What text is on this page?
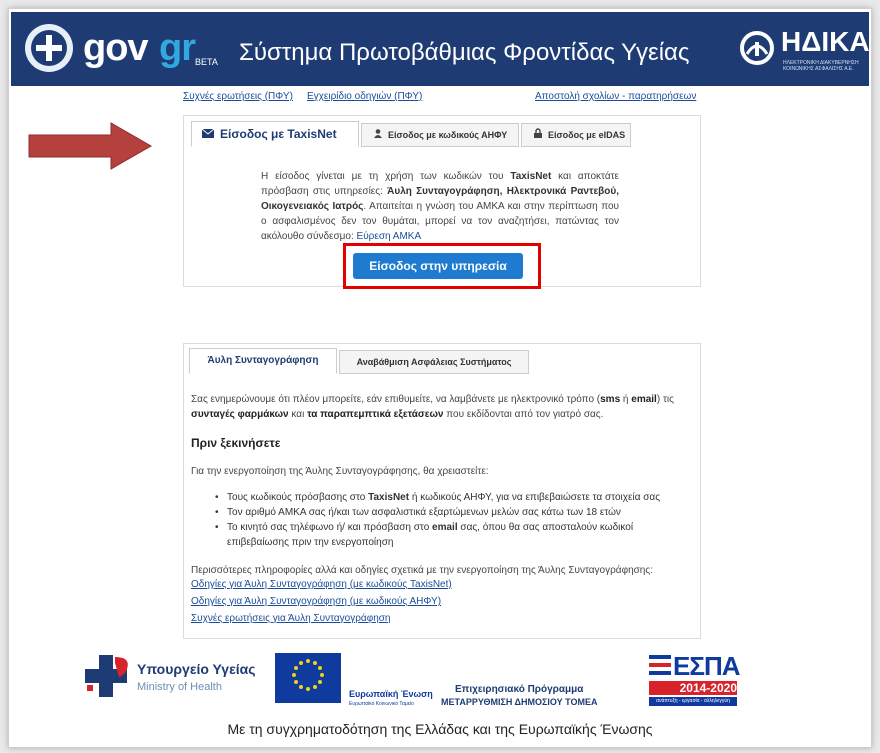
gov gr BETA Σύστημα Πρωτοβάθμιας Φροντίδας Υγείας	ΗΔΙΚΑ
ΗΛΕΚΤΡΟΝΙΚΗ ΔΙΑΚΥΒΕΡΝΗΣΗ ΚΟΙΝΩΝΙΚΗΣ ΑΣΦΑΛΙΣΗΣ Α.Ε.
Συχνές ερωτήσεις (ΠΦΥ) Εγχειρίδιο οδηγιών (ΠΦΥ)	Αποστολή σχολίων - παρατηρήσεων
Είσοδος με TaxisNet	Είσοδος με κωδικούς ΑΗΦΥ	Είσοδος με eIDAS
Η είσοδος γίνεται με τη χρήση των κωδικών του TaxisNet και αποκτάτε πρόσβαση στις υπηρεσίες: Άυλη Συνταγογράφηση, Ηλεκτρονικά Ραντεβού, Οικογενειακός Ιατρός. Απαιτείται η γνώση του ΑΜΚΑ και στην περίπτωση που ο ασφαλισμένος δεν τον θυμάται, μπορεί να τον αναζητήσει, πατώντας τον ακόλουθο σύνδεσμο: Εύρεση ΑΜΚΑ
Είσοδος στην υπηρεσία
Άυλη Συνταγογράφηση	Αναβάθμιση Ασφάλειας Συστήματος
Σας ενημερώνουμε ότι πλέον μπορείτε, εάν επιθυμείτε, να λαμβάνετε με ηλεκτρονικό τρόπο (sms ή email) τις
συνταγές φαρμάκων και τα παραπεμπτικά εξετάσεων που εκδίδονται από τον γιατρό σας.
Πριν ξεκινήσετε
Για την ενεργοποίηση της Άυλης Συνταγογράφησης, θα χρειαστείτε:
• Τους κωδικούς πρόσβασης στο TaxisNet ή κωδικούς ΑΗΦΥ, για να επιβεβαιώσετε τα στοιχεία σας
• Τον αριθμό ΑΜΚΑ σας ή/και των ασφαλιστικά εξαρτώμενων μελών σας κάτω των 18 ετών
• Το κινητό σας τηλέφωνο ή/ και πρόσβαση στο email σας, όπου θα σας αποσταλούν κωδικοί
επιβεβαίωσης πριν την ενεργοποίηση
Περισσότερες πληροφορίες αλλά και οδηγίες σχετικά με την ενεργοποίηση της Άυλης Συνταγογράφησης:
Οδηγίες για Άυλη Συνταγογράφηση (με κωδικούς TaxisNet)
Οδηγίες για Άυλη Συνταγογράφηση (με κωδικούς ΑΗΦΥ)
Συχνές ερωτήσεις για Άυλη Συνταγογράφηση
Υπουργείο Υγείας
Ministry of Health
Ευρωπαϊκή Ένωση
Ευρωπαϊκό Κοινωνικό Ταμείο
Επιχειρησιακό Πρόγραμμα
ΜΕΤΑΡΡΥΘΜΙΣΗ ΔΗΜΟΣΙΟΥ ΤΟΜΕΑ
ΕΣΠΑ
2014-2020
ανάπτυξη - εργασία - αλληλεγγύη
Με τη συγχρηματοδότηση της Ελλάδας και της Ευρωπαϊκής Ένωσης
